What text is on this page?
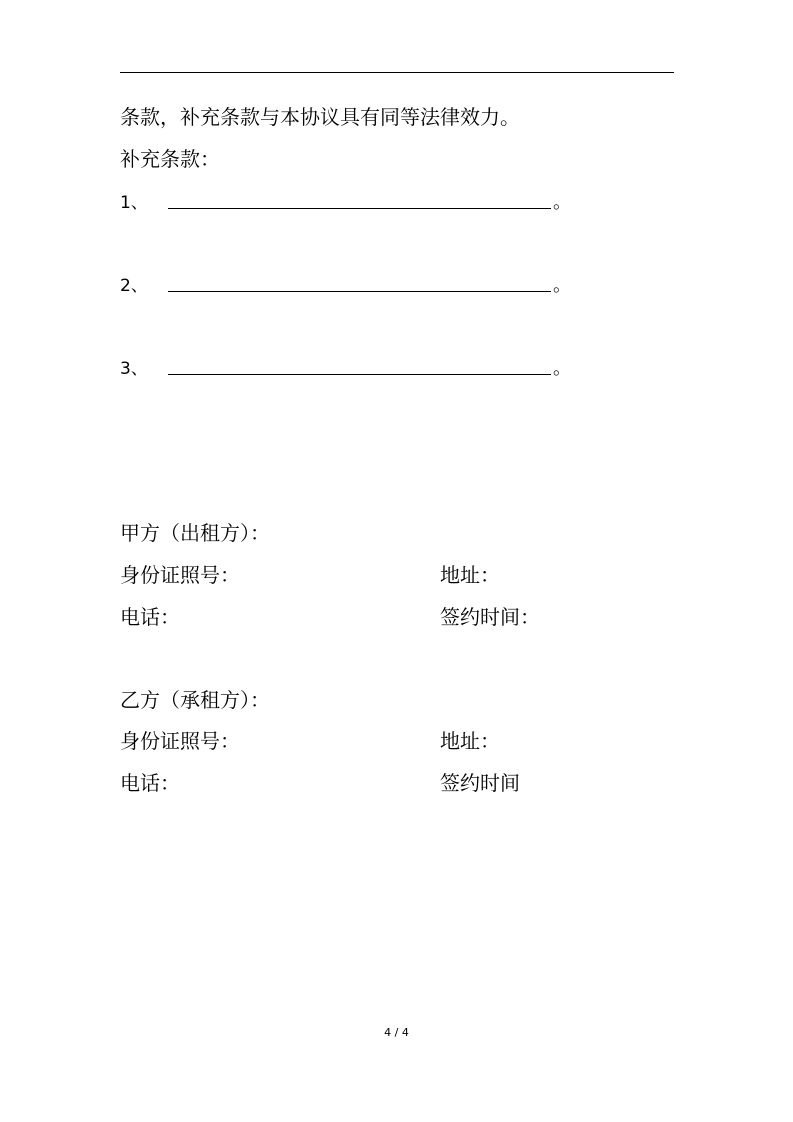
条款，补充条款与本协议具有同等法律效力。
补充条款：
1、	。
2、	。
3、	。
甲方（出租方）：
身份证照号：	地址：
电话：	签约时间：
乙方（承租方）：
身份证照号：	地址：
电话：	签约时间
4 / 4
